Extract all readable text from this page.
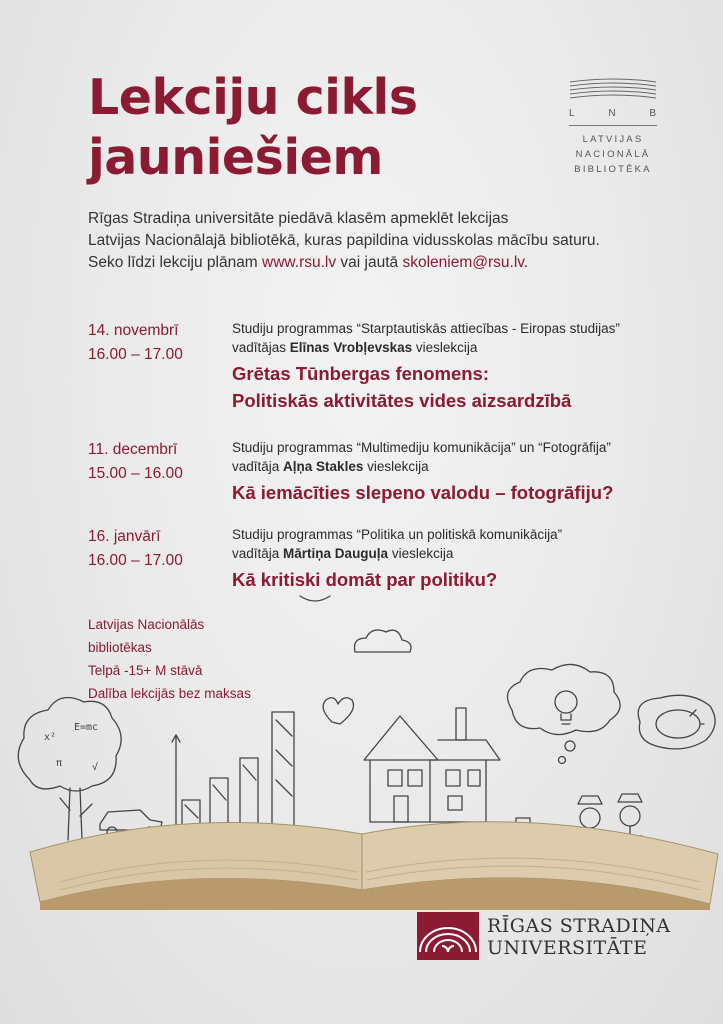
Lekciju cikls
jauniešiem
L	N	B
LATVIJAS
NACIONĀLĀ
BIBLIOTĒKA
Rīgas Stradiņa universitāte piedāvā klasēm apmeklēt lekcijas
Latvijas Nacionālajā bibliotēkā, kuras papildina vidusskolas mācību saturu.
Seko līdzi lekciju plānam www.rsu.lv vai jautā skoleniem@rsu.lv.
14. novembrī
16.00 – 17.00
Studiju programmas “Starptautiskās attiecības - Eiropas studijas”
vadītājas Elīnas Vrobļevskas vieslekcija
Grētas Tūnbergas fenomens:
Politiskās aktivitātes vides aizsardzībā
11. decembrī
15.00 – 16.00
Studiju programmas “Multimediju komunikācija” un “Fotogrāfija”
vadītāja Aļņa Stakles vieslekcija
Kā iemācīties slepeno valodu – fotogrāfiju?
16. janvārī
16.00 – 17.00
Studiju programmas “Politika un politiskā komunikācija”
vadītāja Mārtiņa Dauguļa vieslekcija
Kā kritiski domāt par politiku?
Latvijas Nacionālās
bibliotēkas
Telpā -15+ M stāvā
Dalība lekcijās bez maksas
x²
E=mc
π	√
RĪGAS STRADIŅA
UNIVERSITĀTE
